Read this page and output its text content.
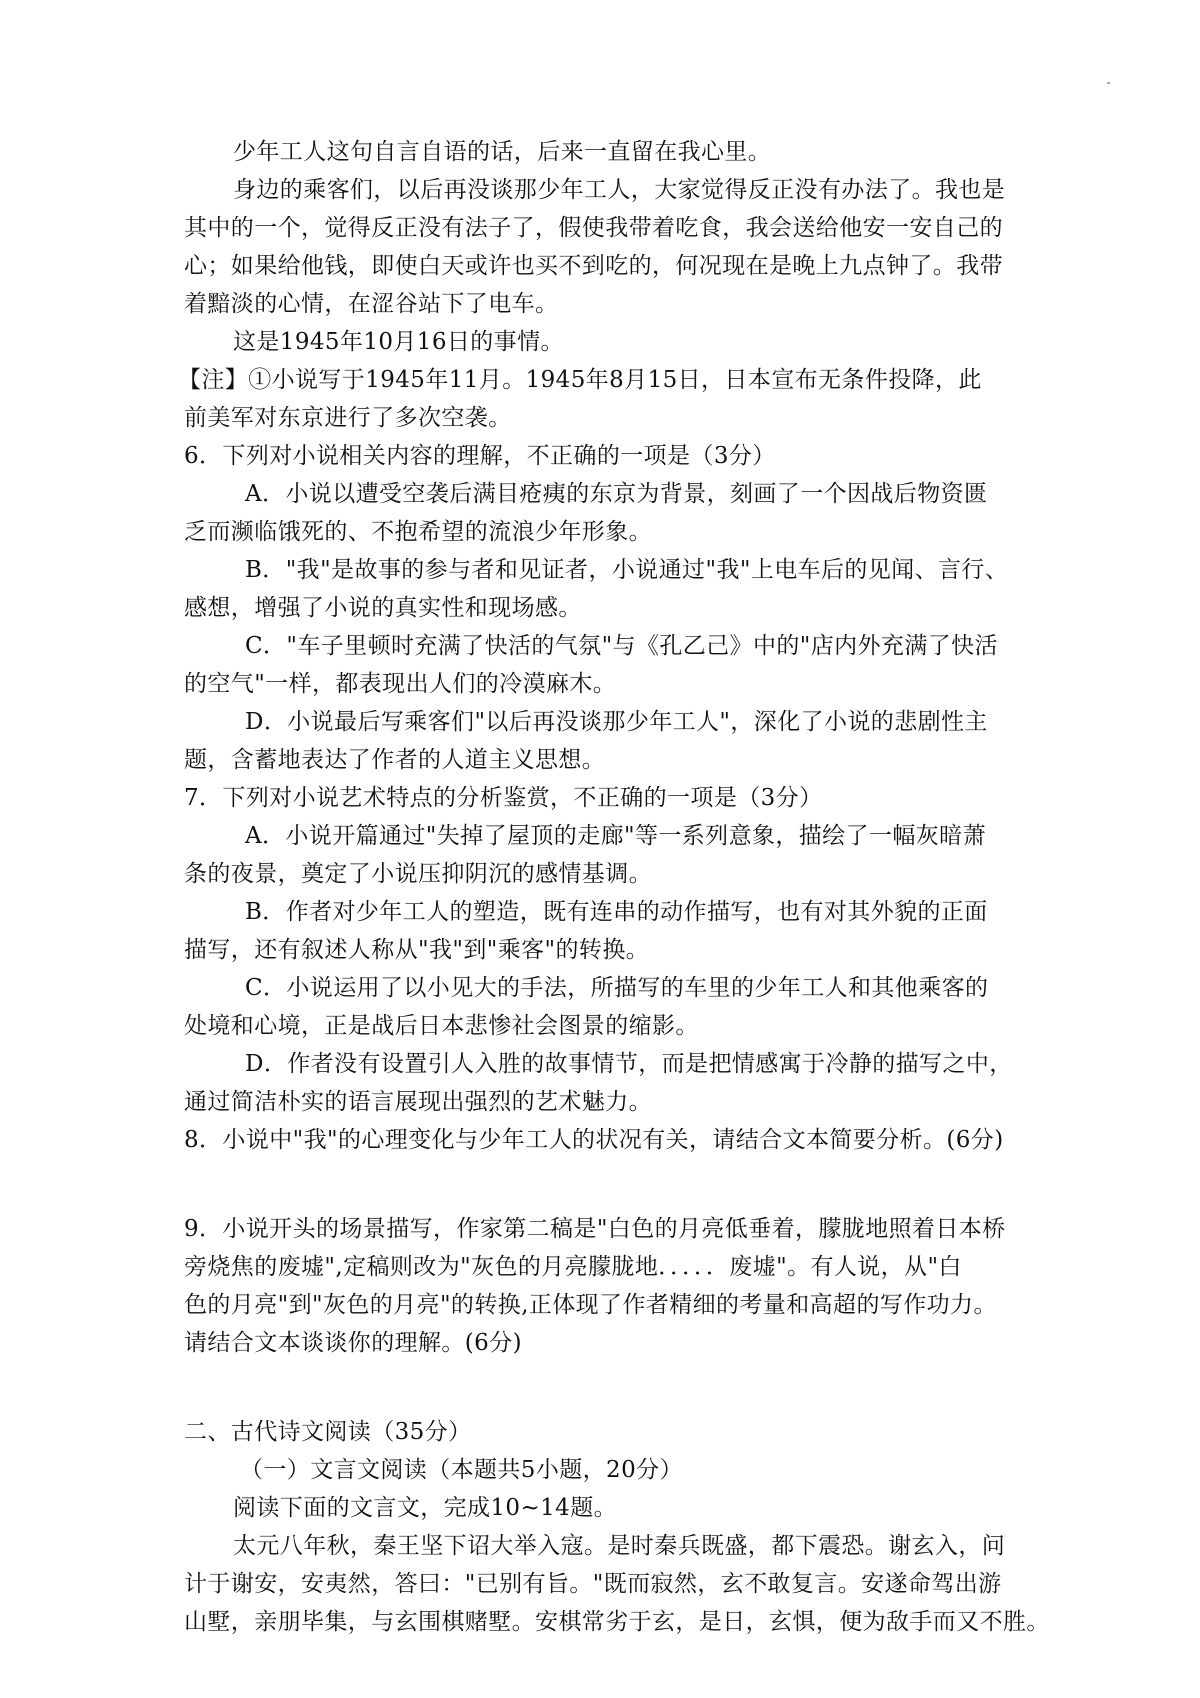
少年工人这句自言自语的话，后来一直留在我心里。
身边的乘客们，以后再没谈那少年工人，大家觉得反正没有办法了。我也是
其中的一个，觉得反正没有法子了，假使我带着吃食，我会送给他安一安自己的
心；如果给他钱，即使白天或许也买不到吃的，何况现在是晚上九点钟了。我带
着黯淡的心情，在涩谷站下了电车。
这是1945年10月16日的事情。
【注】①小说写于1945年11月。1945年8月15日，日本宣布无条件投降，此
前美军对东京进行了多次空袭。
6．下列对小说相关内容的理解，不正确的一项是（3分）
A．小说以遭受空袭后满目疮痍的东京为背景，刻画了一个因战后物资匮
乏而濒临饿死的、不抱希望的流浪少年形象。
B．"我"是故事的参与者和见证者，小说通过"我"上电车后的见闻、言行、
感想，增强了小说的真实性和现场感。
C．"车子里顿时充满了快活的气氛"与《孔乙己》中的"店内外充满了快活
的空气"一样，都表现出人们的冷漠麻木。
D．小说最后写乘客们"以后再没谈那少年工人"，深化了小说的悲剧性主
题，含蓄地表达了作者的人道主义思想。
7．下列对小说艺术特点的分析鉴赏，不正确的一项是（3分）
A．小说开篇通过"失掉了屋顶的走廊"等一系列意象，描绘了一幅灰暗萧
条的夜景，奠定了小说压抑阴沉的感情基调。
B．作者对少年工人的塑造，既有连串的动作描写，也有对其外貌的正面
描写，还有叙述人称从"我"到"乘客"的转换。
C．小说运用了以小见大的手法，所描写的车里的少年工人和其他乘客的
处境和心境，正是战后日本悲惨社会图景的缩影。
D．作者没有设置引人入胜的故事情节，而是把情感寓于冷静的描写之中，
通过简洁朴实的语言展现出强烈的艺术魅力。
8．小说中"我"的心理变化与少年工人的状况有关，请结合文本简要分析。(6分)
9．小说开头的场景描写，作家第二稿是"白色的月亮低垂着，朦胧地照着日本桥
旁烧焦的废墟",定稿则改为"灰色的月亮朦胧地．．．．．废墟"。有人说，从"白
色的月亮"到"灰色的月亮"的转换,正体现了作者精细的考量和高超的写作功力。
请结合文本谈谈你的理解。(6分)
二、古代诗文阅读（35分）
（一）文言文阅读（本题共5小题，20分）
阅读下面的文言文，完成10~14题。
太元八年秋，秦王坚下诏大举入寇。是时秦兵既盛，都下震恐。谢玄入，问
计于谢安，安夷然，答曰："已别有旨。"既而寂然，玄不敢复言。安遂命驾出游
山墅，亲朋毕集，与玄围棋赌墅。安棋常劣于玄，是日，玄惧，便为敌手而又不胜。
